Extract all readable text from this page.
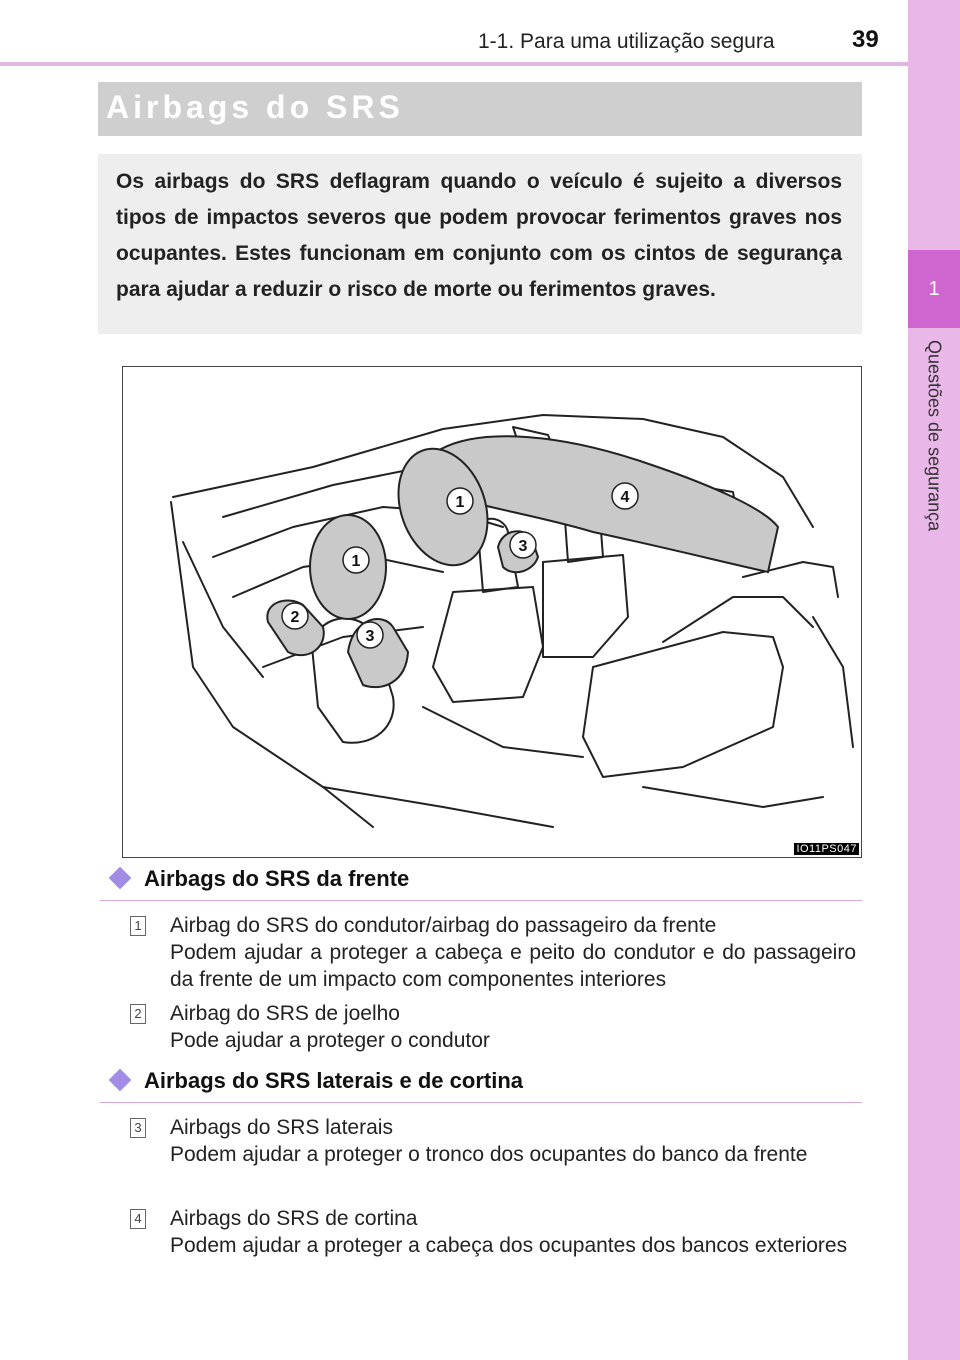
1-1. Para uma utilização segura	39
1
Questões de segurança
Airbags do SRS
Os airbags do SRS deflagram quando o veículo é sujeito a diversos tipos de impactos severos que podem provocar ferimentos graves nos ocupantes. Estes funcionam em conjunto com os cintos de segurança para ajudar a reduzir o risco de morte ou ferimentos graves.
1
1
2
3
3
4
IO11PS047
Airbags do SRS da frente
1 Airbag do SRS do condutor/airbag do passageiro da frente
Podem ajudar a proteger a cabeça e peito do condutor e do passageiro da frente de um impacto com componentes interiores
2 Airbag do SRS de joelho
Pode ajudar a proteger o condutor
Airbags do SRS laterais e de cortina
3 Airbags do SRS laterais
Podem ajudar a proteger o tronco dos ocupantes do banco da frente
4 Airbags do SRS de cortina
Podem ajudar a proteger a cabeça dos ocupantes dos bancos exteriores
